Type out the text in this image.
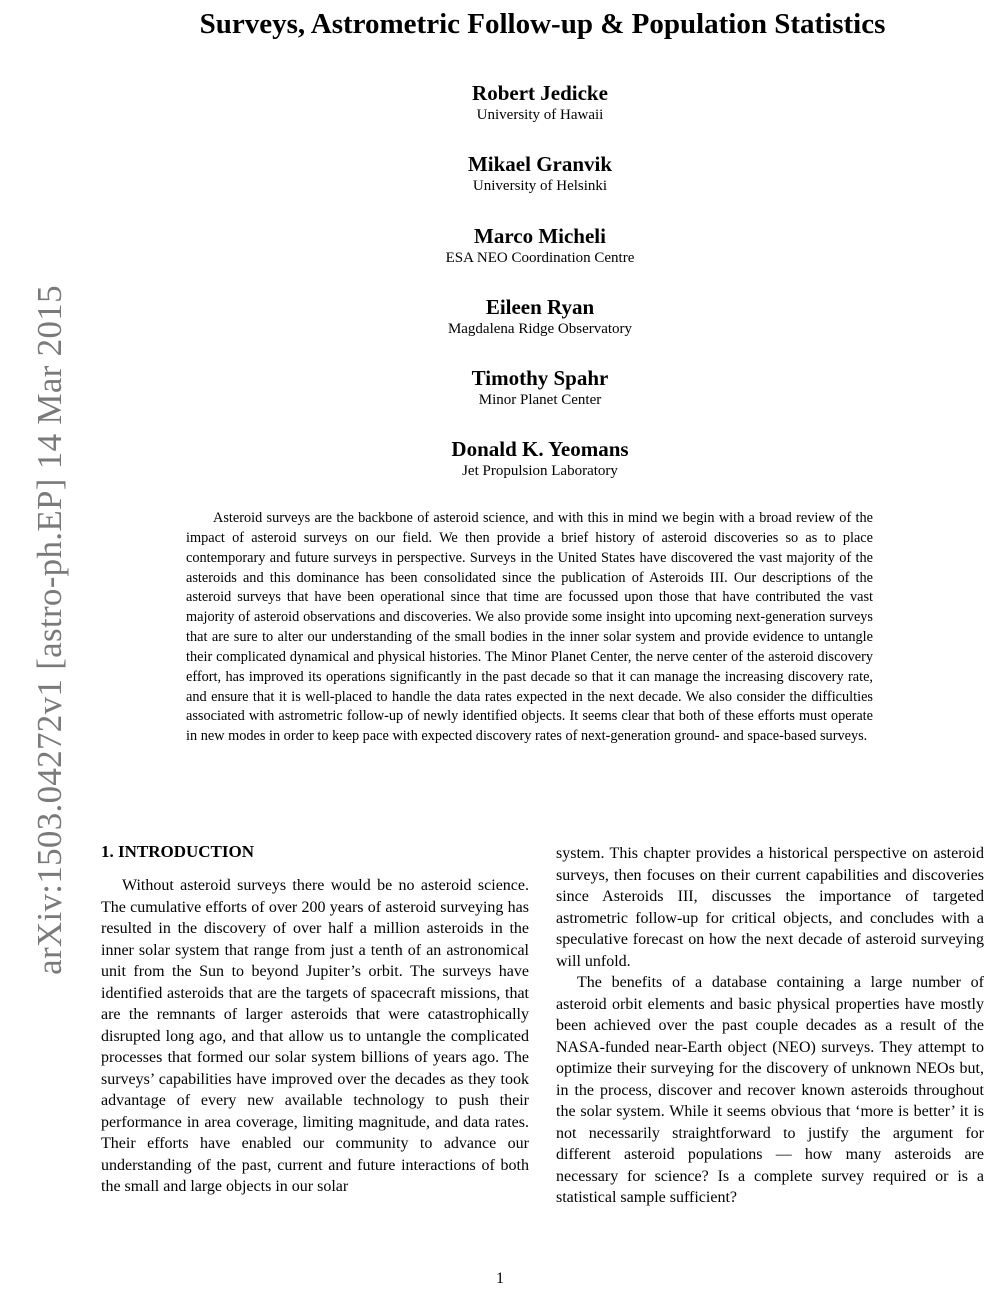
arXiv:1503.04272v1 [astro-ph.EP] 14 Mar 2015
Surveys, Astrometric Follow-up & Population Statistics
Robert Jedicke
University of Hawaii
Mikael Granvik
University of Helsinki
Marco Micheli
ESA NEO Coordination Centre
Eileen Ryan
Magdalena Ridge Observatory
Timothy Spahr
Minor Planet Center
Donald K. Yeomans
Jet Propulsion Laboratory

Asteroid surveys are the backbone of asteroid science, and with this in mind we begin with a broad review of the impact of asteroid surveys on our field. We then provide a brief history of asteroid discoveries so as to place contemporary and future surveys in perspective. Surveys in the United States have discovered the vast majority of the asteroids and this dominance has been consolidated since the publication of Asteroids III. Our descriptions of the asteroid surveys that have been operational since that time are focussed upon those that have contributed the vast majority of asteroid observations and discoveries. We also provide some insight into upcoming next-generation surveys that are sure to alter our understanding of the small bodies in the inner solar system and provide evidence to untangle their complicated dynamical and physical histories. The Minor Planet Center, the nerve center of the asteroid discovery effort, has improved its operations significantly in the past decade so that it can manage the increasing discovery rate, and ensure that it is well-placed to handle the data rates expected in the next decade. We also consider the difficulties associated with astrometric follow-up of newly identified objects. It seems clear that both of these efforts must operate in new modes in order to keep pace with expected discovery rates of next-generation ground- and space-based surveys.

1. INTRODUCTION

Without asteroid surveys there would be no asteroid science. The cumulative efforts of over 200 years of asteroid surveying has resulted in the discovery of over half a million asteroids in the inner solar system that range from just a tenth of an astronomical unit from the Sun to beyond Jupiter’s orbit. The surveys have identified asteroids that are the targets of spacecraft missions, that are the remnants of larger asteroids that were catastrophically disrupted long ago, and that allow us to untangle the complicated processes that formed our solar system billions of years ago. The surveys’ capabilities have improved over the decades as they took advantage of every new available technology to push their performance in area coverage, limiting magnitude, and data rates. Their efforts have enabled our community to advance our understanding of the past, current and future interactions of both the small and large objects in our solar

system. This chapter provides a historical perspective on asteroid surveys, then focuses on their current capabilities and discoveries since Asteroids III, discusses the importance of targeted astrometric follow-up for critical objects, and concludes with a speculative forecast on how the next decade of asteroid surveying will unfold.

The benefits of a database containing a large number of asteroid orbit elements and basic physical properties have mostly been achieved over the past couple decades as a result of the NASA-funded near-Earth object (NEO) surveys. They attempt to optimize their surveying for the discovery of unknown NEOs but, in the process, discover and recover known asteroids throughout the solar system. While it seems obvious that ‘more is better’ it is not necessarily straightforward to justify the argument for different asteroid populations — how many asteroids are necessary for science? Is a complete survey required or is a statistical sample sufficient?

1
